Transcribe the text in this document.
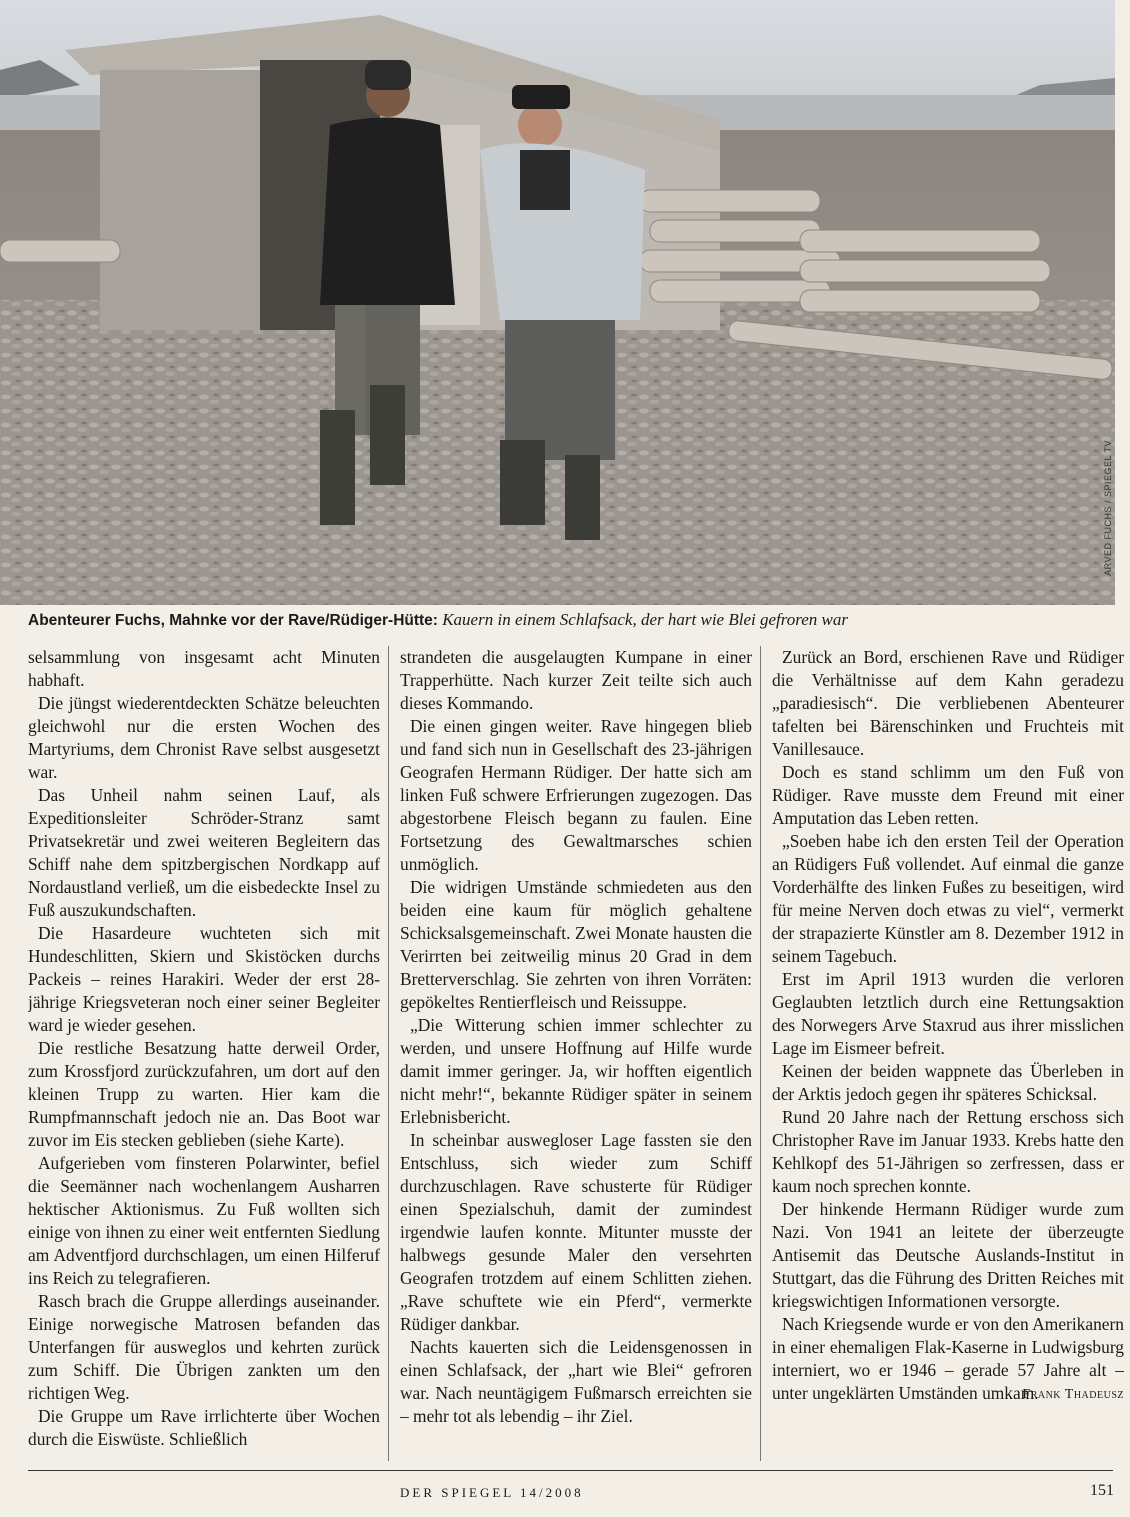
ARVED FUCHS / SPIEGEL TV
Abenteurer Fuchs, Mahnke vor der Rave/Rüdiger-Hütte: Kauern in einem Schlafsack, der hart wie Blei gefroren war

selsammlung von insgesamt acht Minuten habhaft.

Die jüngst wiederentdeckten Schätze beleuchten gleichwohl nur die ersten Wochen des Martyriums, dem Chronist Rave selbst ausgesetzt war.

Das Unheil nahm seinen Lauf, als Expeditionsleiter Schröder-Stranz samt Privatsekretär und zwei weiteren Begleitern das Schiff nahe dem spitzbergischen Nordkapp auf Nordaustland verließ, um die eisbedeckte Insel zu Fuß auszukundschaften.

Die Hasardeure wuchteten sich mit Hundeschlitten, Skiern und Skistöcken durchs Packeis – reines Harakiri. Weder der erst 28-jährige Kriegsveteran noch einer seiner Begleiter ward je wieder gesehen.

Die restliche Besatzung hatte derweil Order, zum Krossfjord zurückzufahren, um dort auf den kleinen Trupp zu warten. Hier kam die Rumpfmannschaft jedoch nie an. Das Boot war zuvor im Eis stecken geblieben (siehe Karte).

Aufgerieben vom finsteren Polarwinter, befiel die Seemänner nach wochenlangem Ausharren hektischer Aktionismus. Zu Fuß wollten sich einige von ihnen zu einer weit entfernten Siedlung am Adventfjord durchschlagen, um einen Hilferuf ins Reich zu telegrafieren.

Rasch brach die Gruppe allerdings auseinander. Einige norwegische Matrosen befanden das Unterfangen für ausweglos und kehrten zurück zum Schiff. Die Übrigen zankten um den richtigen Weg.

Die Gruppe um Rave irrlichterte über Wochen durch die Eiswüste. Schließlich

strandeten die ausgelaugten Kumpane in einer Trapperhütte. Nach kurzer Zeit teilte sich auch dieses Kommando.

Die einen gingen weiter. Rave hingegen blieb und fand sich nun in Gesellschaft des 23-jährigen Geografen Hermann Rüdiger. Der hatte sich am linken Fuß schwere Erfrierungen zugezogen. Das abgestorbene Fleisch begann zu faulen. Eine Fortsetzung des Gewaltmarsches schien unmöglich.

Die widrigen Umstände schmiedeten aus den beiden eine kaum für möglich gehaltene Schicksalsgemeinschaft. Zwei Monate hausten die Verirrten bei zeitweilig minus 20 Grad in dem Bretterverschlag. Sie zehrten von ihren Vorräten: gepökeltes Rentierfleisch und Reissuppe.

„Die Witterung schien immer schlechter zu werden, und unsere Hoffnung auf Hilfe wurde damit immer geringer. Ja, wir hofften eigentlich nicht mehr!“, bekannte Rüdiger später in seinem Erlebnisbericht.

In scheinbar auswegloser Lage fassten sie den Entschluss, sich wieder zum Schiff durchzuschlagen. Rave schusterte für Rüdiger einen Spezialschuh, damit der zumindest irgendwie laufen konnte. Mitunter musste der halbwegs gesunde Maler den versehrten Geografen trotzdem auf einem Schlitten ziehen. „Rave schuftete wie ein Pferd“, vermerkte Rüdiger dankbar.

Nachts kauerten sich die Leidensgenossen in einen Schlafsack, der „hart wie Blei“ gefroren war. Nach neuntägigem Fußmarsch erreichten sie – mehr tot als lebendig – ihr Ziel.

Zurück an Bord, erschienen Rave und Rüdiger die Verhältnisse auf dem Kahn geradezu „paradiesisch“. Die verbliebenen Abenteurer tafelten bei Bärenschinken und Fruchteis mit Vanillesauce.

Doch es stand schlimm um den Fuß von Rüdiger. Rave musste dem Freund mit einer Amputation das Leben retten.

„Soeben habe ich den ersten Teil der Operation an Rüdigers Fuß vollendet. Auf einmal die ganze Vorderhälfte des linken Fußes zu beseitigen, wird für meine Nerven doch etwas zu viel“, vermerkt der strapazierte Künstler am 8. Dezember 1912 in seinem Tagebuch.

Erst im April 1913 wurden die verloren Geglaubten letztlich durch eine Rettungsaktion des Norwegers Arve Staxrud aus ihrer misslichen Lage im Eismeer befreit.

Keinen der beiden wappnete das Überleben in der Arktis jedoch gegen ihr späteres Schicksal.

Rund 20 Jahre nach der Rettung erschoss sich Christopher Rave im Januar 1933. Krebs hatte den Kehlkopf des 51-Jährigen so zerfressen, dass er kaum noch sprechen konnte.

Der hinkende Hermann Rüdiger wurde zum Nazi. Von 1941 an leitete der überzeugte Antisemit das Deutsche Auslands-Institut in Stuttgart, das die Führung des Dritten Reiches mit kriegswichtigen Informationen versorgte.

Nach Kriegsende wurde er von den Amerikanern in einer ehemaligen Flak-Kaserne in Ludwigsburg interniert, wo er 1946 – gerade 57 Jahre alt – unter ungeklärten Umständen umkam.

Frank Thadeusz
DER SPIEGEL 14/2008	151
